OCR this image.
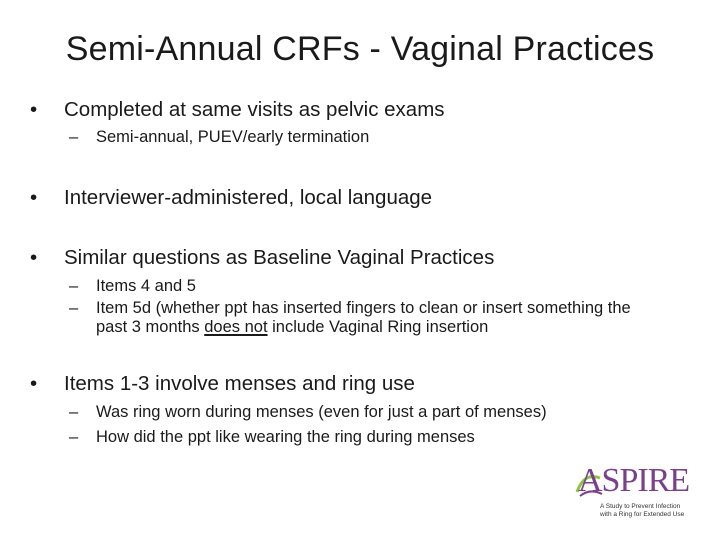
Semi-Annual CRFs - Vaginal Practices
• Completed at same visits as pelvic exams
– Semi-annual, PUEV/early termination
• Interviewer-administered, local language
• Similar questions as Baseline Vaginal Practices
– Items 4 and 5
– Item 5d (whether ppt has inserted fingers to clean or insert something the past 3 months does not include Vaginal Ring insertion
• Items 1-3 involve menses and ring use
– Was ring worn during menses (even for just a part of menses)
– How did the ppt like wearing the ring during menses
ASPIRE
A Study to Prevent Infection
with a Ring for Extended Use
